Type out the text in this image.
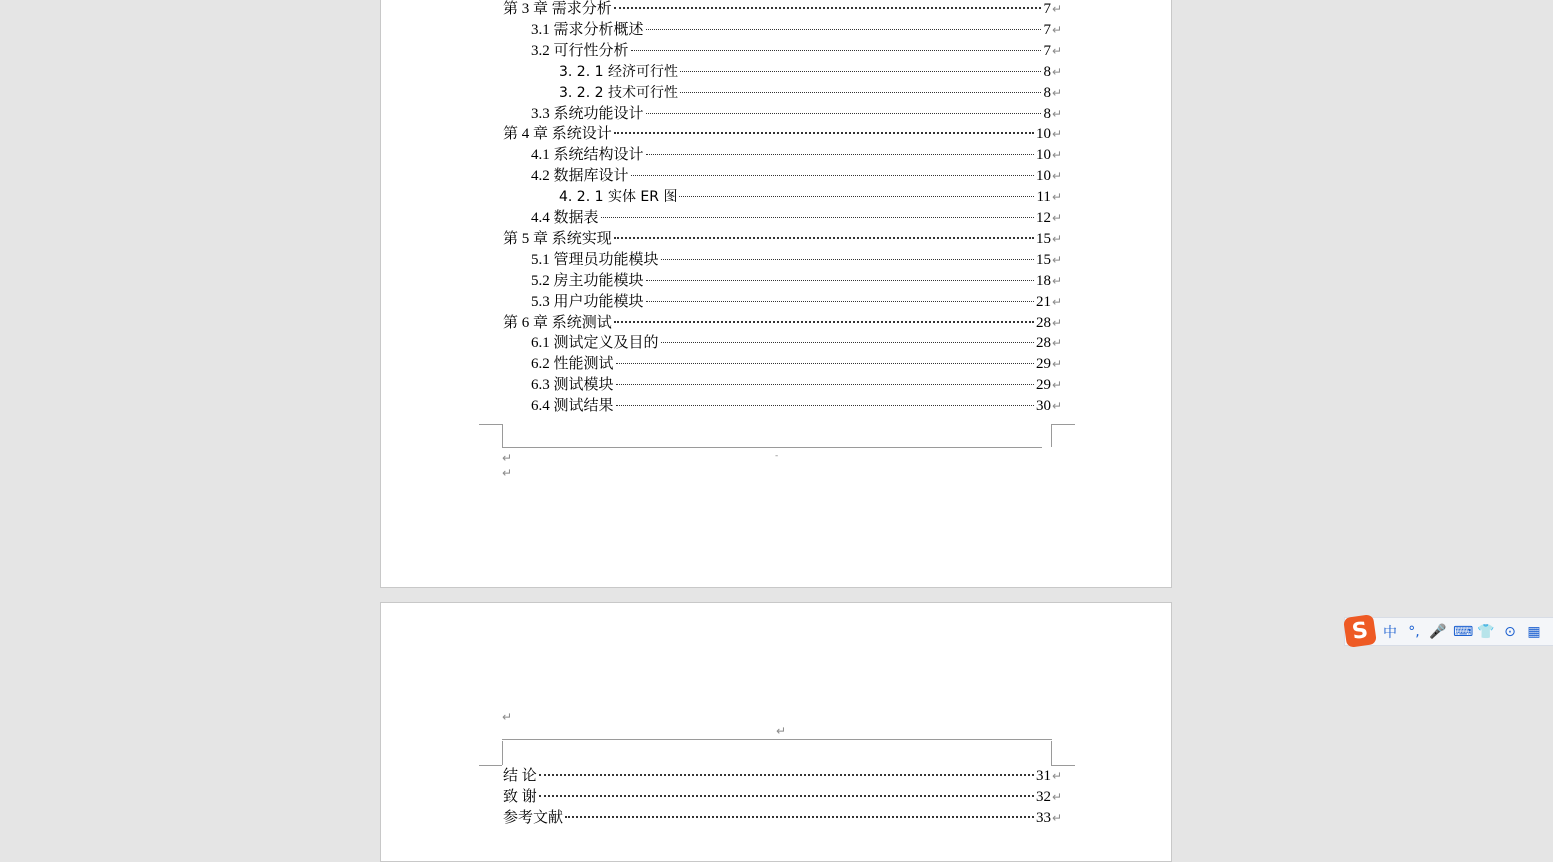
↵	-
↵
↵
↵
第 3 章 需求分析	7 ↵
3.1 需求分析概述	7 ↵
3.2 可行性分析	7 ↵
3. 2. 1 经济可行性	8 ↵
3. 2. 2 技术可行性	8 ↵
3.3 系统功能设计	8 ↵
第 4 章 系统设计	10 ↵
4.1 系统结构设计	10 ↵
4.2 数据库设计	10 ↵
4. 2. 1 实体 ER 图	11 ↵
4.4 数据表	12 ↵
第 5 章 系统实现	15 ↵
5.1 管理员功能模块	15 ↵
5.2 房主功能模块	18 ↵
5.3 用户功能模块	21 ↵
第 6 章 系统测试	28 ↵
6.1 测试定义及目的	28 ↵
6.2 性能测试	29 ↵
6.3 测试模块	29 ↵
6.4 测试结果	30 ↵
结 论	31 ↵
致 谢	32 ↵
参考文献	33 ↵
S 中 °, 🎤 ⌨ 👕 ⊙ ▦
